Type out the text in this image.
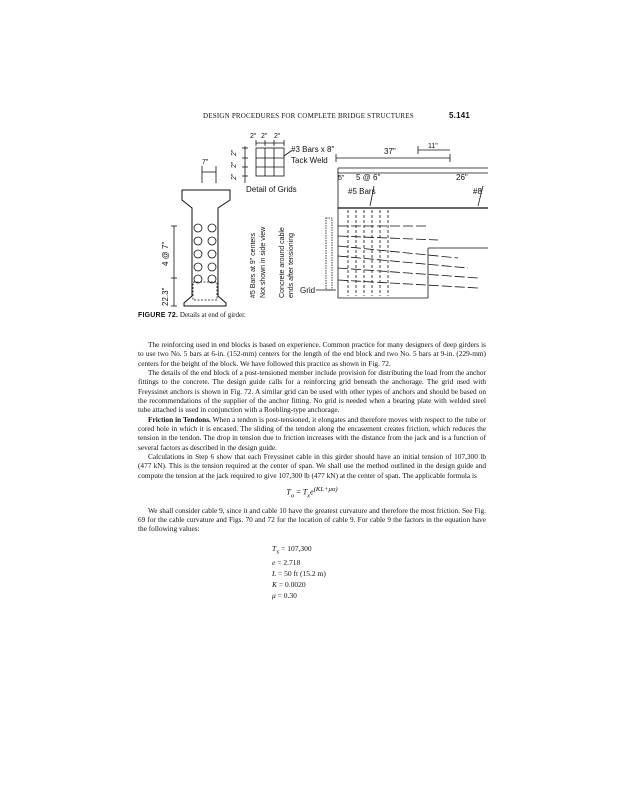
DESIGN PROCEDURES FOR COMPLETE BRIDGE STRUCTURES	5.141
2" 2" 2"
2"
2"
2"
7"
#3 Bars x 8"
Tack Weld
Detail of Grids
37"
11"
5" 5 @ 6"	26"
#5 Bars	#8
#5 Bars at 9" centers Not shown in side view Concrete around cable ends after tensioning Grid
4 @ 7"
22.3"
FIGURE 72. Details at end of girder.

The reinforcing used in end blocks is based on experience. Common practice for many designers of deep girders is to use two No. 5 bars at 6-in. (152-mm) centers for the length of the end block and two No. 5 bars at 9-in. (229-mm) centers for the height of the block. We have followed this practice as shown in Fig. 72.

The details of the end block of a post-tensioned member include provision for distributing the load from the anchor fittings to the concrete. The design guide calls for a reinforcing grid beneath the anchorage. The grid used with Freyssinet anchors is shown in Fig. 72. A similar grid can be used with other types of anchors and should be based on the recommendations of the supplier of the anchor fitting. No grid is needed when a bearing plate with welded steel tube attached is used in conjunction with a Roebling-type anchorage.

Friction in Tendons. When a tendon is post-tensioned, it elongates and therefore moves with respect to the tube or cored hole in which it is encased. The sliding of the tendon along the encasement creates friction, which reduces the tension in the tendon. The drop in tension due to friction increases with the distance from the jack and is a function of several factors as described in the design guide.

Calculations in Step 6 show that each Freyssinet cable in this girder should have an initial tension of 107,300 lb (477 kN). This is the tension required at the center of span. We shall use the method outlined in the design guide and compute the tension at the jack required to give 107,300 lb (477 kN) at the center of span. The applicable formula is

$T_o = T_xe^{(KL+\mu\alpha)}$

We shall consider cable 9, since it and cable 10 have the greatest curvature and therefore the most friction. See Fig. 69 for the cable curvature and Figs. 70 and 72 for the location of cable 9. For cable 9 the factors in the equation have the following values:

$T_x = 107,300$
e = 2.718
L = 50 ft (15.2 m)
K = 0.0020
μ = 0.30
